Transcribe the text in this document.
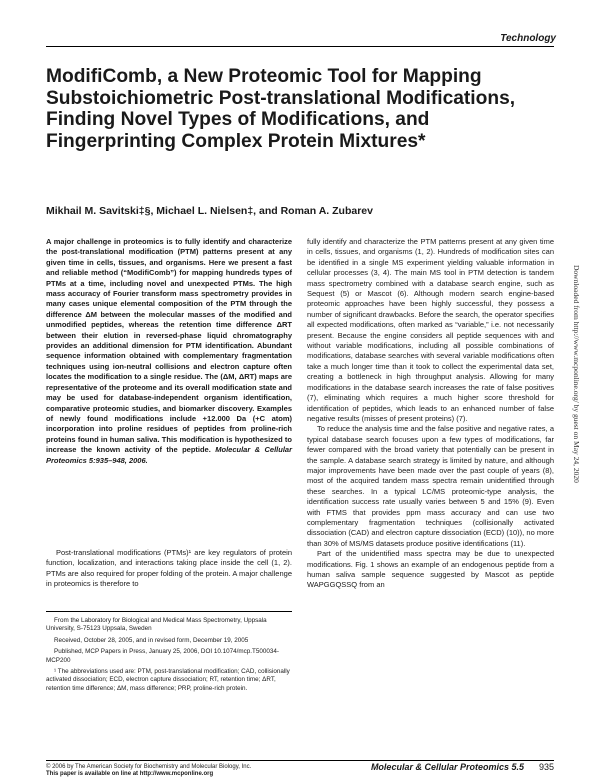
Technology
ModifiComb, a New Proteomic Tool for Mapping Substoichiometric Post-translational Modifications, Finding Novel Types of Modifications, and Fingerprinting Complex Protein Mixtures*

Mikhail M. Savitski‡§, Michael L. Nielsen‡, and Roman A. Zubarev

A major challenge in proteomics is to fully identify and characterize the post-translational modification (PTM) patterns present at any given time in cells, tissues, and organisms. Here we present a fast and reliable method (“ModifiComb”) for mapping hundreds types of PTMs at a time, including novel and unexpected PTMs. The high mass accuracy of Fourier transform mass spectrometry provides in many cases unique elemental composition of the PTM through the difference ΔM between the molecular masses of the modified and unmodified peptides, whereas the retention time difference ΔRT between their elution in reversed-phase liquid chromatography provides an additional dimension for PTM identification. Abundant sequence information obtained with complementary fragmentation techniques using ion-neutral collisions and electron capture often locates the modification to a single residue. The (ΔM, ΔRT) maps are representative of the proteome and its overall modification state and may be used for database-independent organism identification, comparative proteomic studies, and biomarker discovery. Examples of newly found modifications include +12.000 Da (+C atom) incorporation into proline residues of peptides from proline-rich proteins found in human saliva. This modification is hypothesized to increase the known activity of the peptide. Molecular & Cellular Proteomics 5:935–948, 2006.

Post-translational modifications (PTMs)¹ are key regulators of protein function, localization, and interactions taking place inside the cell (1, 2). PTMs are also required for proper folding of the protein. A major challenge in proteomics is therefore to

fully identify and characterize the PTM patterns present at any given time in cells, tissues, and organisms (1, 2). Hundreds of modification sites can be identified in a single MS experiment yielding valuable information in cellular processes (3, 4). The main MS tool in PTM detection is tandem mass spectrometry combined with a database search engine, such as Sequest (5) or Mascot (6). Although modern search engine-based proteomic approaches have been highly successful, they possess a number of significant drawbacks. Before the search, the operator specifies all expected modifications, often marked as “variable,” i.e. not necessarily present. Because the engine considers all peptide sequences with and without variable modifications, including all possible combinations of modifications, database searches with several variable modifications often take a much longer time than it took to collect the experimental data set, creating a bottleneck in high throughput analysis. Allowing for many modifications in the database search increases the rate of false positives (7), eliminating which requires a much higher score threshold for identification of peptides, which leads to an enhanced number of false negative results (misses of present proteins) (7).

To reduce the analysis time and the false positive and negative rates, a typical database search focuses upon a few types of modifications, far fewer compared with the broad variety that potentially can be present in the sample. A database search strategy is limited by nature, and although major improvements have been made over the past couple of years (8), most of the acquired tandem mass spectra remain unidentified through these searches. In a typical LC/MS proteomic-type analysis, the identification success rate usually varies between 5 and 15% (9). Even with FTMS that provides ppm mass accuracy and can use two complementary fragmentation techniques (collisionally activated dissociation (CAD) and electron capture dissociation (ECD) (10)), no more than 30% of MS/MS datasets produce positive identifications (11).

Part of the unidentified mass spectra may be due to unexpected modifications. Fig. 1 shows an example of an endogenous peptide from a human saliva sample sequence suggested by Mascot as peptide WAPGGQSSQ from an

From the Laboratory for Biological and Medical Mass Spectrometry, Uppsala University, S-75123 Uppsala, Sweden

Received, October 28, 2005, and in revised form, December 19, 2005

Published, MCP Papers in Press, January 25, 2006, DOI 10.1074/mcp.T500034-MCP200

¹ The abbreviations used are: PTM, post-translational modification; CAD, collisionally activated dissociation; ECD, electron capture dissociation; RT, retention time; ΔRT, retention time difference; ΔM, mass difference; PRP, proline-rich protein.

© 2006 by The American Society for Biochemistry and Molecular Biology, Inc.
This paper is available on line at http://www.mcponline.org
Molecular & Cellular Proteomics 5.5 935
Downloaded from http://www.mcponline.org/ by guest on May 24, 2020
